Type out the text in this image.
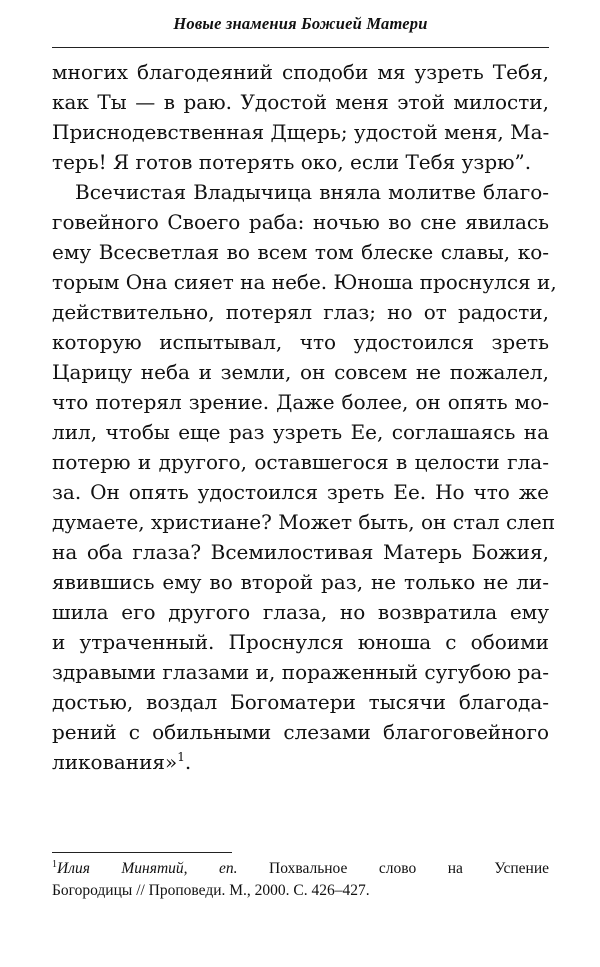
Новые знамения Божией Матери
многих благодеяний сподоби мя узреть Тебя,
как Ты — в раю. Удостой меня этой милости,
Приснодевственная Дщерь; удостой меня, Ма-
терь! Я готов потерять око, если Тебя узрю”.
Всечистая Владычица вняла молитве благо-
говейного Своего раба: ночью во сне явилась
ему Всесветлая во всем том блеске славы, ко-
торым Она сияет на небе. Юноша проснулся и,
действительно, потерял глаз; но от радости,
которую испытывал, что удостоился зреть
Царицу неба и земли, он совсем не пожалел,
что потерял зрение. Даже более, он опять мо-
лил, чтобы еще раз узреть Ее, соглашаясь на
потерю и другого, оставшегося в целости гла-
за. Он опять удостоился зреть Ее. Но что же
думаете, христиане? Может быть, он стал слеп
на оба глаза? Всемилостивая Матерь Божия,
явившись ему во второй раз, не только не ли-
шила его другого глаза, но возвратила ему
и утраченный. Проснулся юноша с обоими
здравыми глазами и, пораженный сугубою ра-
достью, воздал Богоматери тысячи благода-
рений с обильными слезами благоговейного
ликования»$^1$.
$^1$Илия Минятий, еп. Похвальное слово на Успение
Богородицы // Проповеди. М., 2000. С. 426–427.
